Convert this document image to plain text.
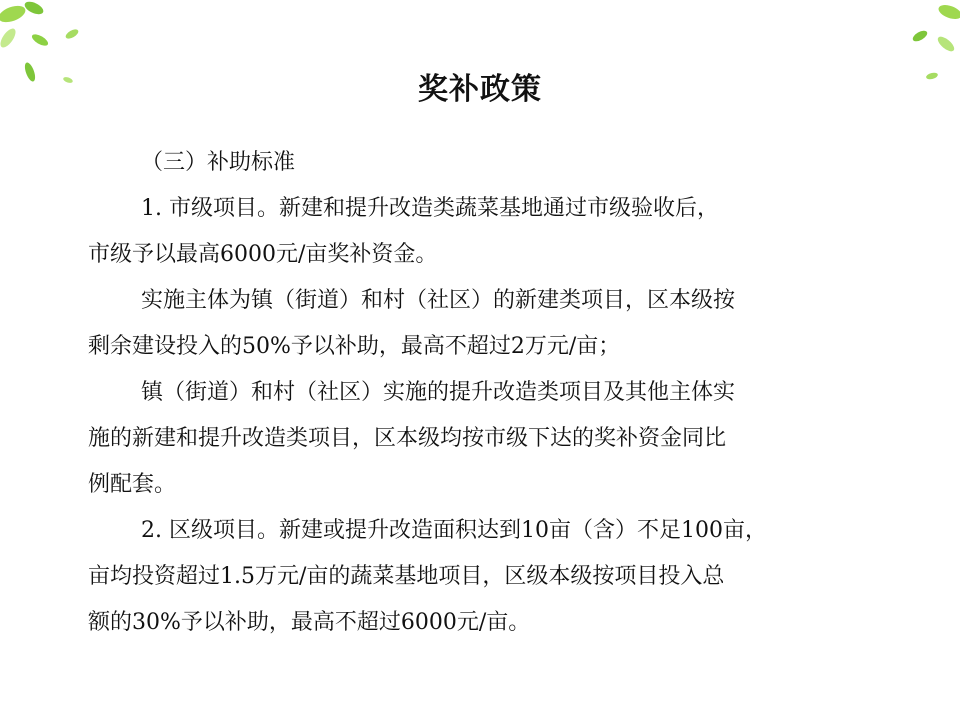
奖补政策
（三）补助标准
1. 市级项目。新建和提升改造类蔬菜基地通过市级验收后，
市级予以最高6000元/亩奖补资金。
实施主体为镇（街道）和村（社区）的新建类项目，区本级按
剩余建设投入的50%予以补助，最高不超过2万元/亩；
镇（街道）和村（社区）实施的提升改造类项目及其他主体实
施的新建和提升改造类项目，区本级均按市级下达的奖补资金同比
例配套。
2. 区级项目。新建或提升改造面积达到10亩（含）不足100亩，
亩均投资超过1.5万元/亩的蔬菜基地项目，区级本级按项目投入总
额的30%予以补助，最高不超过6000元/亩。
